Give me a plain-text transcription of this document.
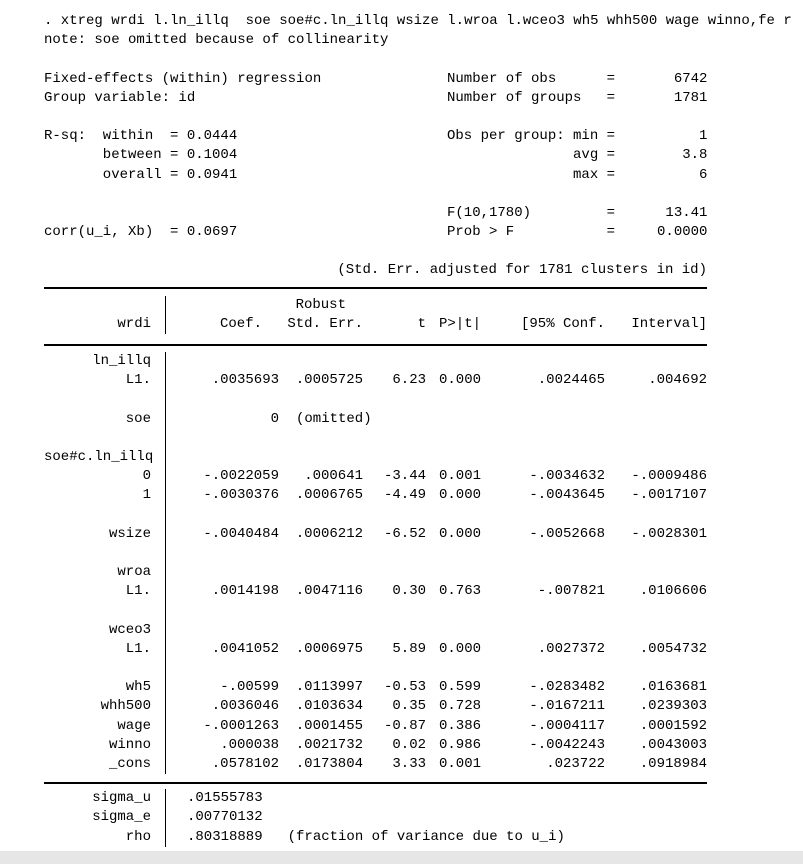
. xtreg wrdi l.ln_illq  soe soe#c.ln_illq wsize l.wroa l.wceo3 wh5 whh500 wage winno,fe r
note: soe omitted because of collinearity
Fixed-effects (within) regression	Number of obs      =       6742
Group variable: id	Number of groups   =       1781
R-sq:  within  = 0.0444	Obs per group: min =          1
between = 0.1004	avg =        3.8
overall = 0.0941	max =          6
F(10,1780)         =      13.41
corr(u_i, Xb)  = 0.0697	Prob > F           =     0.0000
(Std. Err. adjusted for 1781 clusters in id)
Robust
wrdi	Coef.	Std. Err.	t P>|t|	[95% Conf.	Interval]
ln_illq
L1.	.0035693	.0005725	6.23 0.000	.0024465	.004692
soe	0	(omitted)
soe#c.ln_illq
0	-.0022059	.000641	-3.44 0.001	-.0034632	-.0009486
1	-.0030376	.0006765	-4.49 0.000	-.0043645	-.0017107
wsize	-.0040484	.0006212	-6.52 0.000	-.0052668	-.0028301
wroa
L1.	.0014198	.0047116	0.30 0.763	-.007821	.0106606
wceo3
L1.	.0041052	.0006975	5.89 0.000	.0027372	.0054732
wh5	-.00599	.0113997	-0.53 0.599	-.0283482	.0163681
whh500	.0036046	.0103634	0.35 0.728	-.0167211	.0239303
wage	-.0001263	.0001455	-0.87 0.386	-.0004117	.0001592
winno	.000038	.0021732	0.02 0.986	-.0042243	.0043003
_cons	.0578102	.0173804	3.33 0.001	.023722	.0918984
sigma_u	.01555783
sigma_e	.00770132
rho	.80318889 (fraction of variance due to u_i)
